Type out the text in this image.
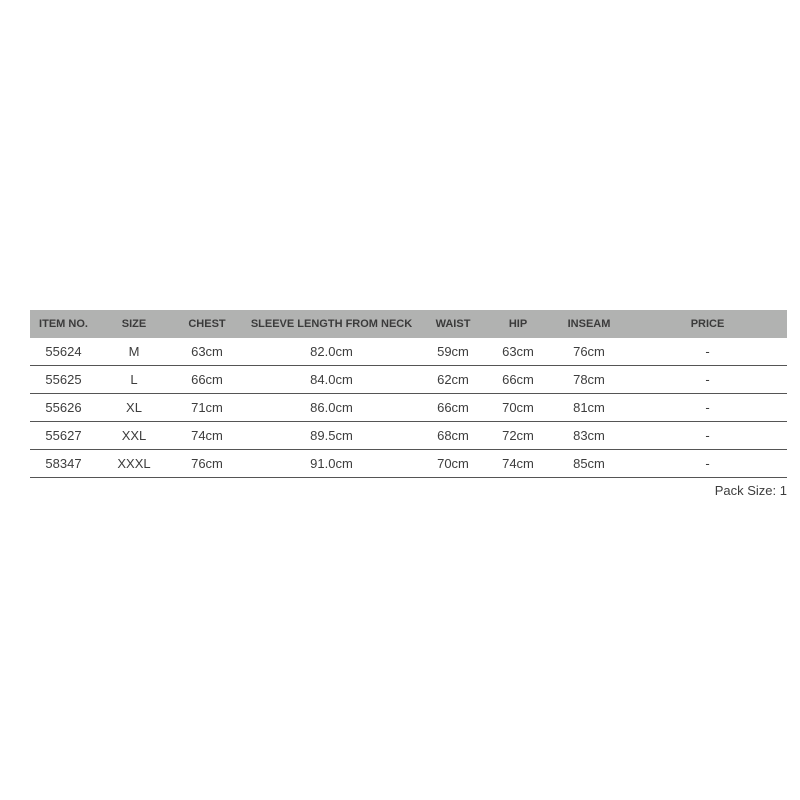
ITEM NO.	SIZE	CHEST	SLEEVE LENGTH FROM NECK	WAIST	HIP	INSEAM	PRICE
55624	M	63cm	82.0cm	59cm	63cm	76cm	-
55625	L	66cm	84.0cm	62cm	66cm	78cm	-
55626	XL	71cm	86.0cm	66cm	70cm	81cm	-
55627	XXL	74cm	89.5cm	68cm	72cm	83cm	-
58347	XXXL	76cm	91.0cm	70cm	74cm	85cm	-
Pack Size: 1
